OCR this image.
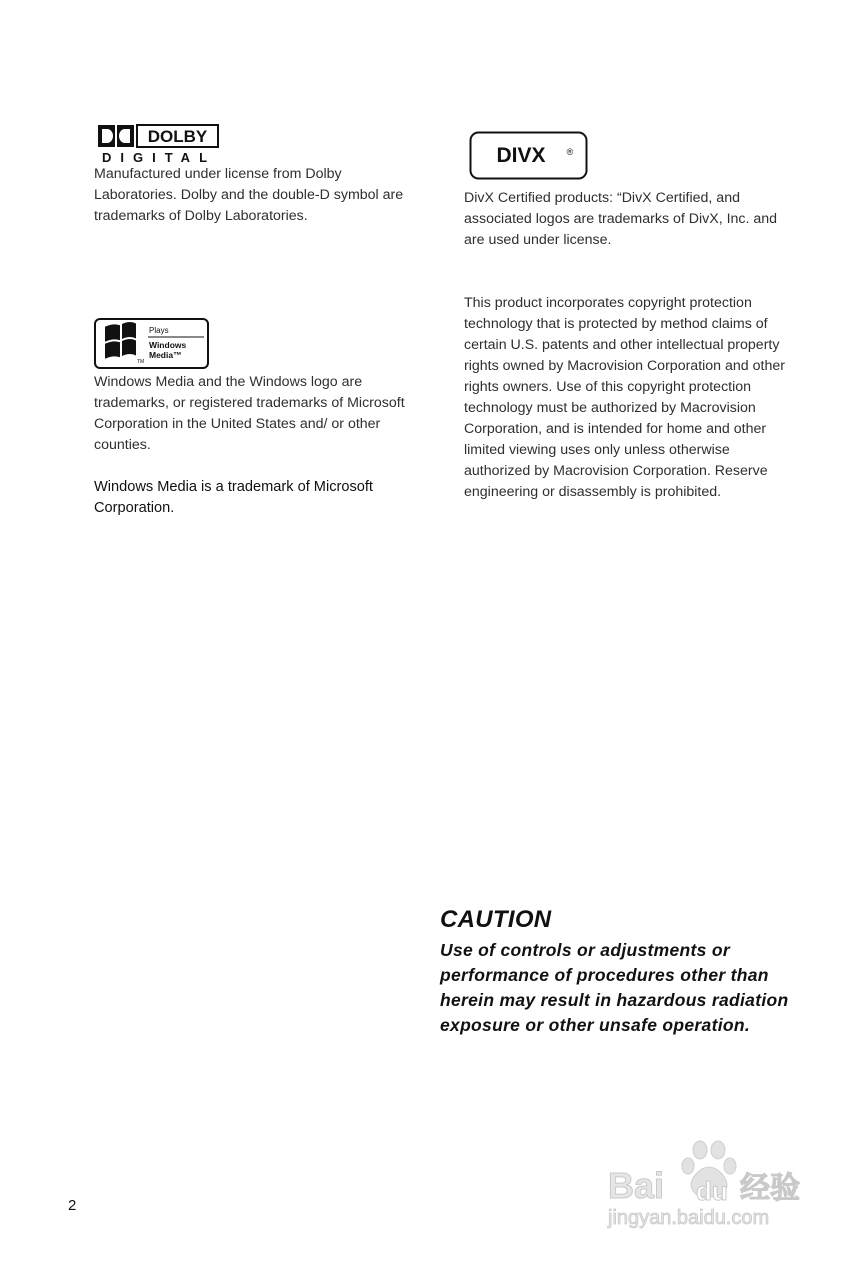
DOLBY
DIGITAL

Manufactured under license from Dolby Laboratories. Dolby and the double-D symbol are trademarks of Dolby Laboratories.

DIVX ®

DivX Certified products: “DivX Certified, and associated logos are trademarks of DivX, Inc. and are used under license.

TM
Plays
Windows
Media™

Windows Media and the Windows logo are trademarks, or registered trademarks of Microsoft Corporation in the United States and/ or other counties.

Windows Media is a trademark of Microsoft Corporation.

This product incorporates copyright protection technology that is protected by method claims of certain U.S. patents and other intellectual property rights owned by Macrovision Corporation and other rights owners. Use of this copyright protection technology must be authorized by Macrovision Corporation, and is intended for home and other limited viewing uses only unless otherwise authorized by Macrovision Corporation. Reserve engineering or disassembly is prohibited.

CAUTION

Use of controls or adjustments or performance of procedures other than herein may result in hazardous radiation exposure or other unsafe operation.

2	Bai du 经验
jingyan.baidu.com
